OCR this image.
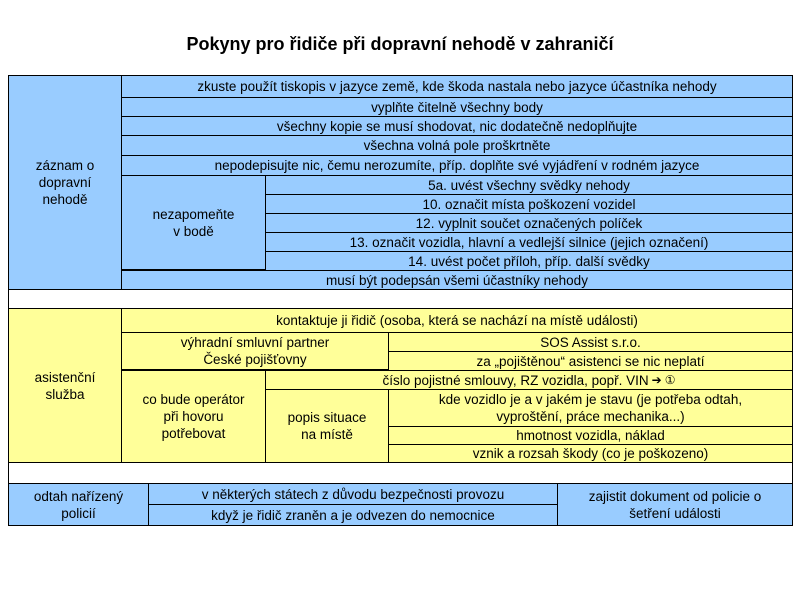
Pokyny pro řidiče při dopravní nehodě v zahraničí
záznam o
dopravní
nehodě
zkuste použít tiskopis v jazyce země, kde škoda nastala nebo jazyce účastníka nehody
vyplňte čitelně všechny body
všechny kopie se musí shodovat, nic dodatečně nedoplňujte
všechna volná pole proškrtněte
nepodepisujte nic, čemu nerozumíte, příp. doplňte své vyjádření v rodném jazyce
nezapomeňte
v bodě
5a. uvést všechny svědky nehody
10. označit místa poškození vozidel
12. vyplnit součet označených políček
13. označit vozidla, hlavní a vedlejší silnice (jejich označení)
14. uvést počet příloh, příp. další svědky
musí být podepsán všemi účastníky nehody
asistenční
služba
kontaktuje ji řidič (osoba, která se nachází na místě události)
výhradní smluvní partner
České pojišťovny
SOS Assist s.r.o.
za „pojištěnou“ asistenci se nic neplatí
co bude operátor
při hovoru
potřebovat
číslo pojistné smlouvy, RZ vozidla, popř. VIN ➔ ①
popis situace
na místě
kde vozidlo je a v jakém je stavu (je potřeba odtah,
vyproštění, práce mechanika...)
hmotnost vozidla, náklad
vznik a rozsah škody (co je poškozeno)
odtah nařízený
policií
v některých státech z důvodu bezpečnosti provozu
když je řidič zraněn a je odvezen do nemocnice
zajistit dokument od policie o
šetření události
